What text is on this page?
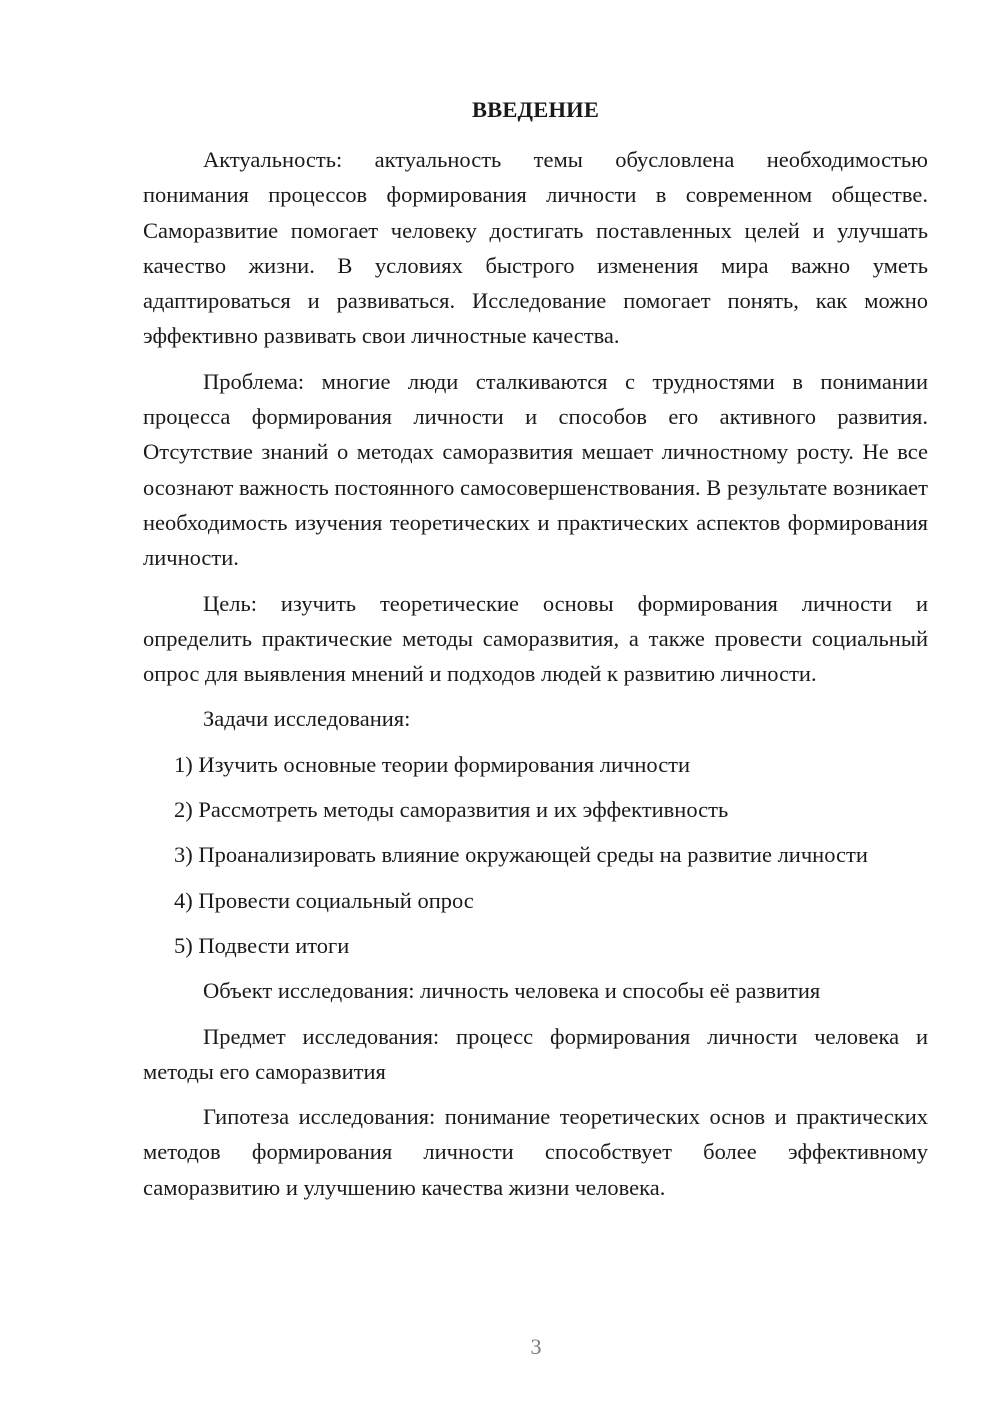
ВВЕДЕНИЕ

Актуальность: актуальность темы обусловлена необходимостью понимания процессов формирования личности в современном обществе. Саморазвитие помогает человеку достигать поставленных целей и улучшать качество жизни. В условиях быстрого изменения мира важно уметь адаптироваться и развиваться. Исследование помогает понять, как можно эффективно развивать свои личностные качества.

Проблема: многие люди сталкиваются с трудностями в понимании процесса формирования личности и способов его активного развития. Отсутствие знаний о методах саморазвития мешает личностному росту. Не все осознают важность постоянного самосовершенствования. В результате возникает необходимость изучения теоретических и практических аспектов формирования личности.

Цель: изучить теоретические основы формирования личности и определить практические методы саморазвития, а также провести социальный опрос для выявления мнений и подходов людей к развитию личности.

Задачи исследования:

1) Изучить основные теории формирования личности

2) Рассмотреть методы саморазвития и их эффективность

3) Проанализировать влияние окружающей среды на развитие личности

4) Провести социальный опрос

5) Подвести итоги

Объект исследования: личность человека и способы её развития

Предмет исследования: процесс формирования личности человека и методы его саморазвития

Гипотеза исследования: понимание теоретических основ и практических методов формирования личности способствует более эффективному саморазвитию и улучшению качества жизни человека.

3
